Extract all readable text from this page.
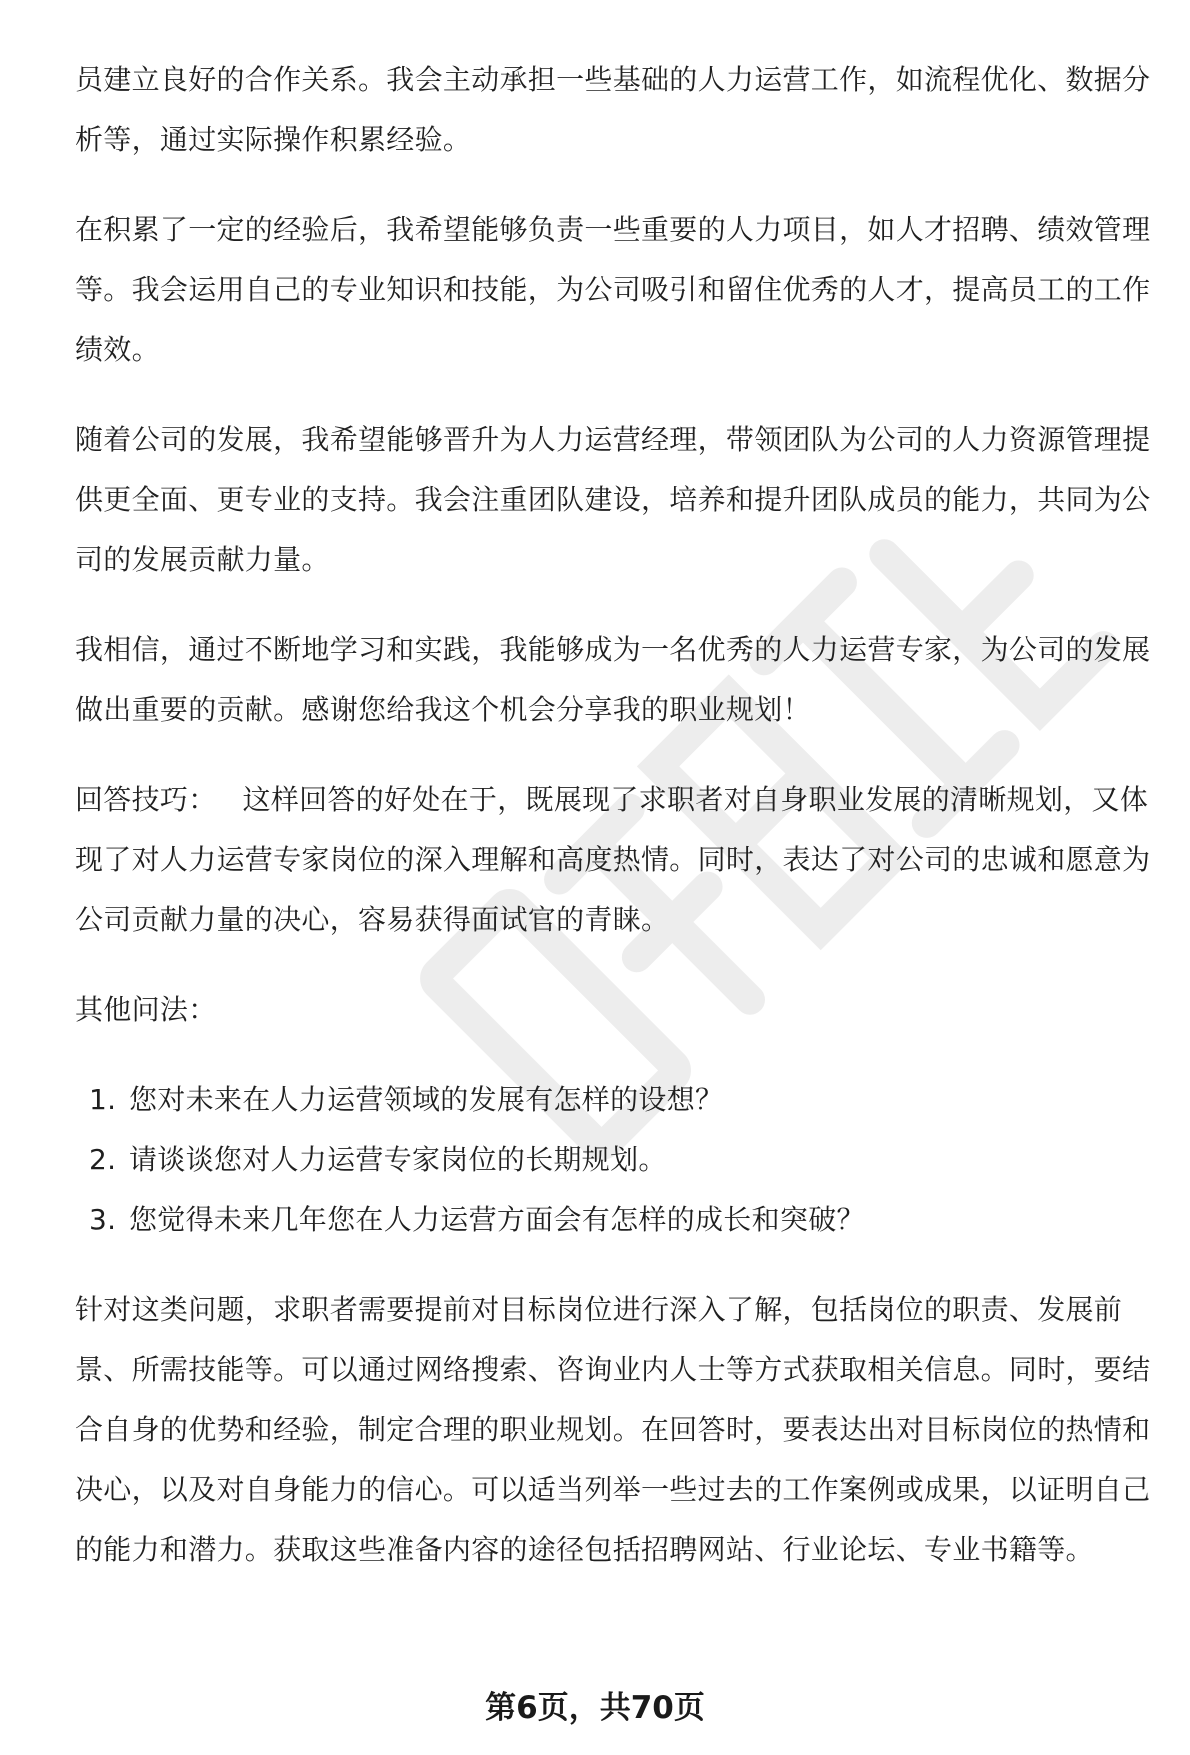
员建立良好的合作关系。我会主动承担一些基础的人力运营工作，如流程优化、数据分析等，通过实际操作积累经验。

在积累了一定的经验后，我希望能够负责一些重要的人力项目，如人才招聘、绩效管理等。我会运用自己的专业知识和技能，为公司吸引和留住优秀的人才，提高员工的工作绩效。

随着公司的发展，我希望能够晋升为人力运营经理，带领团队为公司的人力资源管理提供更全面、更专业的支持。我会注重团队建设，培养和提升团队成员的能力，共同为公司的发展贡献力量。

我相信，通过不断地学习和实践，我能够成为一名优秀的人力运营专家，为公司的发展做出重要的贡献。感谢您给我这个机会分享我的职业规划！

回答技巧： 这样回答的好处在于，既展现了求职者对自身职业发展的清晰规划，又体现了对人力运营专家岗位的深入理解和高度热情。同时，表达了对公司的忠诚和愿意为公司贡献力量的决心，容易获得面试官的青睐。

其他问法：

1. 您对未来在人力运营领域的发展有怎样的设想？
2. 请谈谈您对人力运营专家岗位的长期规划。
3. 您觉得未来几年您在人力运营方面会有怎样的成长和突破？

针对这类问题，求职者需要提前对目标岗位进行深入了解，包括岗位的职责、发展前景、所需技能等。可以通过网络搜索、咨询业内人士等方式获取相关信息。同时，要结合自身的优势和经验，制定合理的职业规划。在回答时，要表达出对目标岗位的热情和决心，以及对自身能力的信心。可以适当列举一些过去的工作案例或成果，以证明自己的能力和潜力。获取这些准备内容的途径包括招聘网站、行业论坛、专业书籍等。

第6页，共70页
